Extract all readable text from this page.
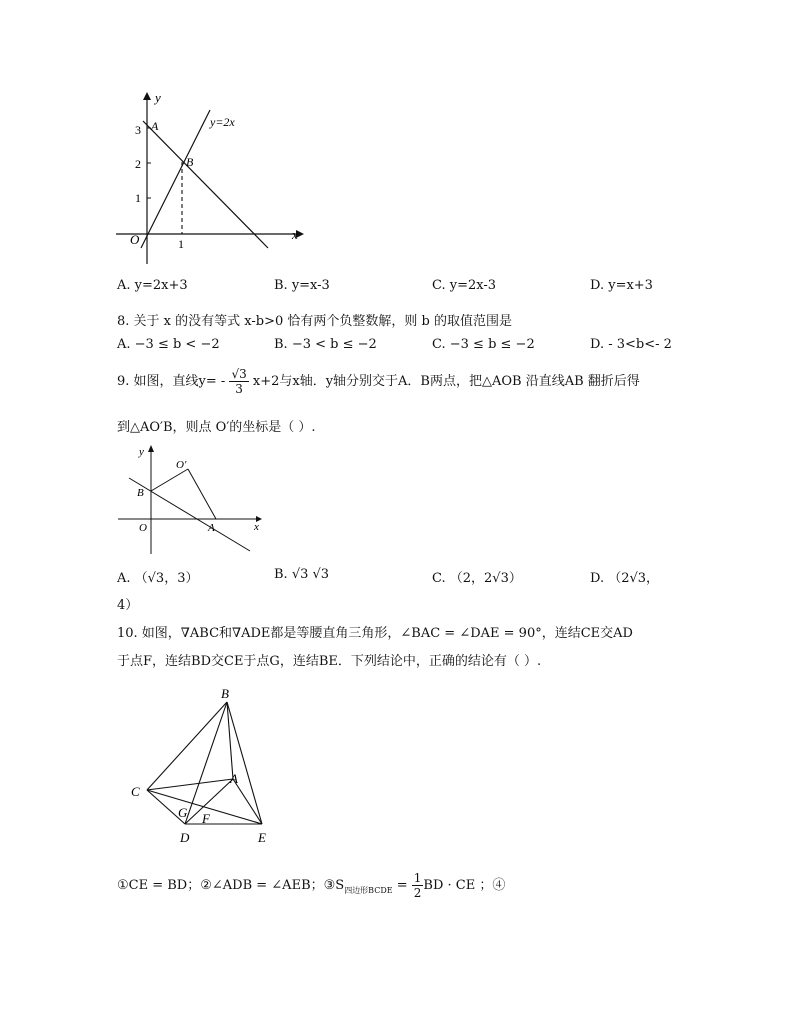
y
x
O
A
B
y=2x
3
2
1
1
A. y=2x+3	B. y=x-3	C. y=2x-3	D. y=x+3
8. 关于 x 的没有等式 x-b>0 恰有两个负整数解，则 b 的取值范围是
A. −3 ≤ b < −2	B. −3 < b ≤ −2	C. −3 ≤ b ≤ −2	D. - 3<b<- 2
9. 如图，直线$y= - \frac{√3}{3} x+2$与x轴．y轴分别交于A．B两点，把△AOB 沿直线AB 翻折后得
到△AO′B，则点 O′的坐标是（ ）.
y
x
O	A
B
O′
A. （√3，3）	B. √3 √3	C. （2，2√3）	D. （2√3，
4）
10. 如图，∇ABC和∇ADE都是等腰直角三角形，∠BAC = ∠DAE = 90°，连结CE交AD
于点F，连结BD交CE于点G，连结BE．下列结论中，正确的结论有（ ）.
B
A
C
G F
D	E
①CE = BD；②∠ADB = ∠AEB；$③S_{四边形BCDE} = \frac{1}{2}$ BD · CE ；④
